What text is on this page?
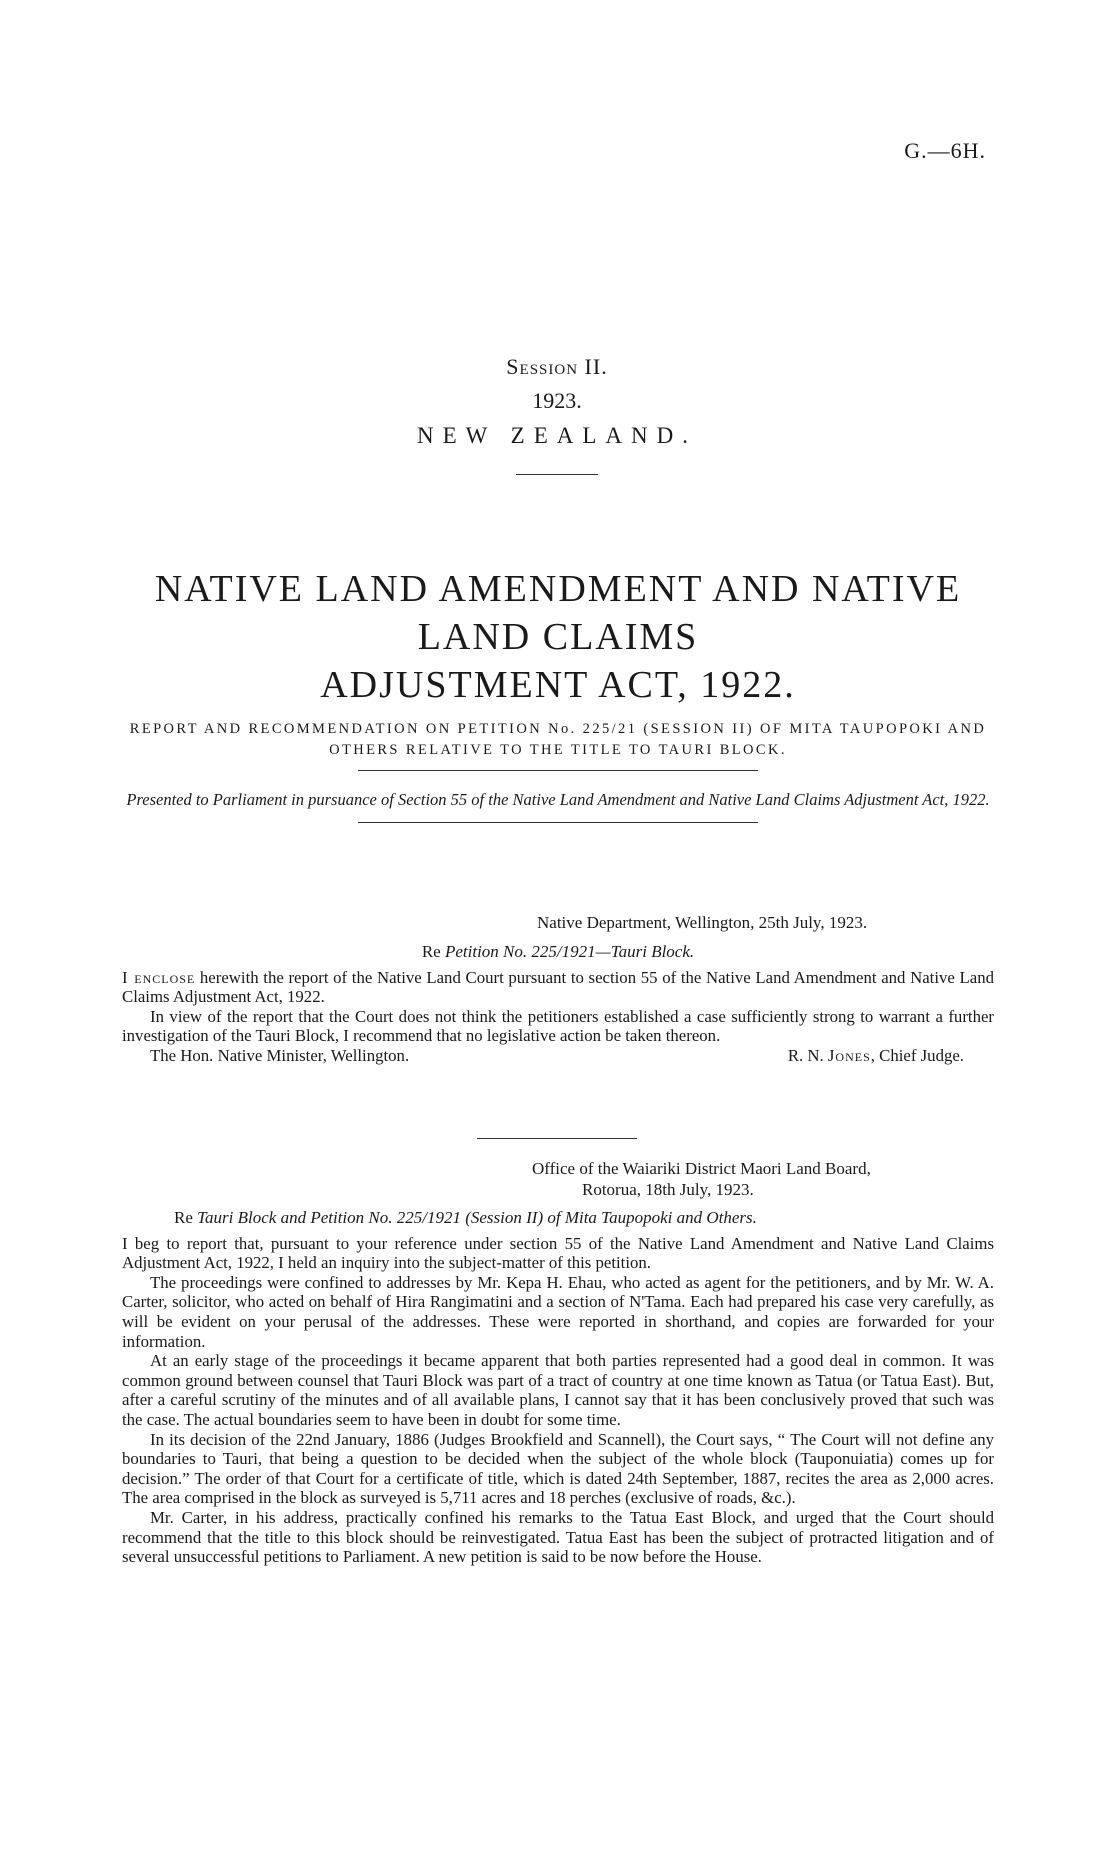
G.—6H.
Session II.
1923.
NEW ZEALAND.
NATIVE LAND AMENDMENT AND NATIVE LAND CLAIMS
ADJUSTMENT ACT, 1922.
REPORT AND RECOMMENDATION ON PETITION No. 225/21 (SESSION II) OF MITA TAUPOPOKI AND OTHERS RELATIVE TO THE TITLE TO TAURI BLOCK.
Presented to Parliament in pursuance of Section 55 of the Native Land Amendment and Native Land Claims Adjustment Act, 1922.
Native Department, Wellington, 25th July, 1923.
Re Petition No. 225/1921—Tauri Block.

I enclose herewith the report of the Native Land Court pursuant to section 55 of the Native Land Amendment and Native Land Claims Adjustment Act, 1922.

In view of the report that the Court does not think the petitioners established a case sufficiently strong to warrant a further investigation of the Tauri Block, I recommend that no legislative action be taken thereon.

The Hon. Native Minister, Wellington.	R. N. Jones, Chief Judge.
Office of the Waiariki District Maori Land Board,
Rotorua, 18th July, 1923.
Re Tauri Block and Petition No. 225/1921 (Session II) of Mita Taupopoki and Others.

I beg to report that, pursuant to your reference under section 55 of the Native Land Amendment and Native Land Claims Adjustment Act, 1922, I held an inquiry into the subject-matter of this petition.

The proceedings were confined to addresses by Mr. Kepa H. Ehau, who acted as agent for the petitioners, and by Mr. W. A. Carter, solicitor, who acted on behalf of Hira Rangimatini and a section of N'Tama. Each had prepared his case very carefully, as will be evident on your perusal of the addresses. These were reported in shorthand, and copies are forwarded for your information.

At an early stage of the proceedings it became apparent that both parties represented had a good deal in common. It was common ground between counsel that Tauri Block was part of a tract of country at one time known as Tatua (or Tatua East). But, after a careful scrutiny of the minutes and of all available plans, I cannot say that it has been conclusively proved that such was the case. The actual boundaries seem to have been in doubt for some time.

In its decision of the 22nd January, 1886 (Judges Brookfield and Scannell), the Court says, “ The Court will not define any boundaries to Tauri, that being a question to be decided when the subject of the whole block (Tauponuiatia) comes up for decision.” The order of that Court for a certificate of title, which is dated 24th September, 1887, recites the area as 2,000 acres. The area comprised in the block as surveyed is 5,711 acres and 18 perches (exclusive of roads, &c.).

Mr. Carter, in his address, practically confined his remarks to the Tatua East Block, and urged that the Court should recommend that the title to this block should be reinvestigated. Tatua East has been the subject of protracted litigation and of several unsuccessful petitions to Parliament. A new petition is said to be now before the House.
